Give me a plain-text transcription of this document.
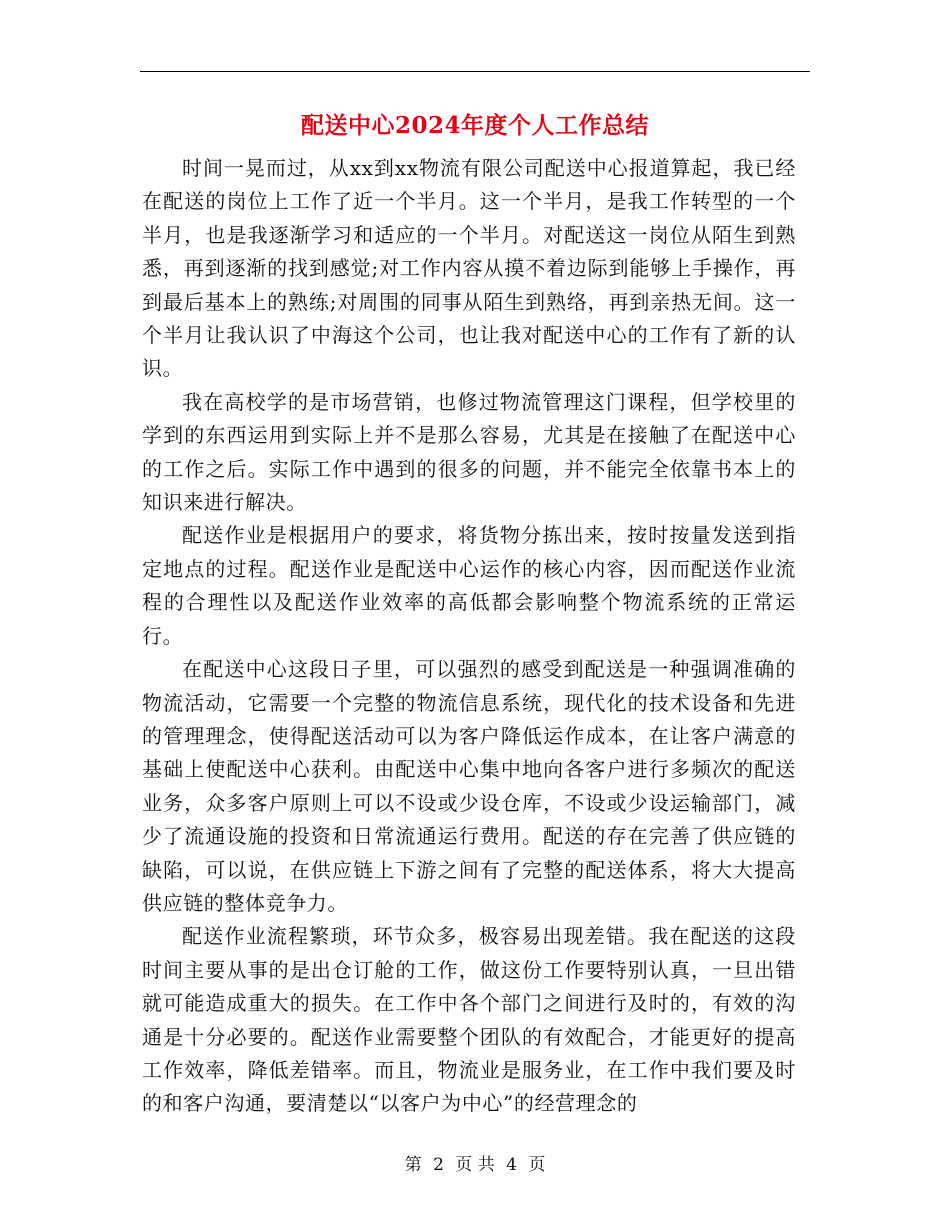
配送中心2024年度个人工作总结

时间一晃而过，从xx到xx物流有限公司配送中心报道算起，我已经在配送的岗位上工作了近一个半月。这一个半月，是我工作转型的一个半月，也是我逐渐学习和适应的一个半月。对配送这一岗位从陌生到熟悉，再到逐渐的找到感觉;对工作内容从摸不着边际到能够上手操作，再到最后基本上的熟练;对周围的同事从陌生到熟络，再到亲热无间。这一个半月让我认识了中海这个公司，也让我对配送中心的工作有了新的认识。

我在高校学的是市场营销，也修过物流管理这门课程，但学校里的学到的东西运用到实际上并不是那么容易，尤其是在接触了在配送中心的工作之后。实际工作中遇到的很多的问题，并不能完全依靠书本上的知识来进行解决。

配送作业是根据用户的要求，将货物分拣出来，按时按量发送到指定地点的过程。配送作业是配送中心运作的核心内容，因而配送作业流程的合理性以及配送作业效率的高低都会影响整个物流系统的正常运行。

在配送中心这段日子里，可以强烈的感受到配送是一种强调准确的物流活动，它需要一个完整的物流信息系统，现代化的技术设备和先进的管理理念，使得配送活动可以为客户降低运作成本，在让客户满意的基础上使配送中心获利。由配送中心集中地向各客户进行多频次的配送业务，众多客户原则上可以不设或少设仓库，不设或少设运输部门，减少了流通设施的投资和日常流通运行费用。配送的存在完善了供应链的缺陷，可以说，在供应链上下游之间有了完整的配送体系，将大大提高供应链的整体竞争力。

配送作业流程繁琐，环节众多，极容易出现差错。我在配送的这段时间主要从事的是出仓订舱的工作，做这份工作要特别认真，一旦出错就可能造成重大的损失。在工作中各个部门之间进行及时的，有效的沟通是十分必要的。配送作业需要整个团队的有效配合，才能更好的提高工作效率，降低差错率。而且，物流业是服务业，在工作中我们要及时的和客户沟通，要清楚以“以客户为中心”的经营理念的

第 2 页 共 4 页
